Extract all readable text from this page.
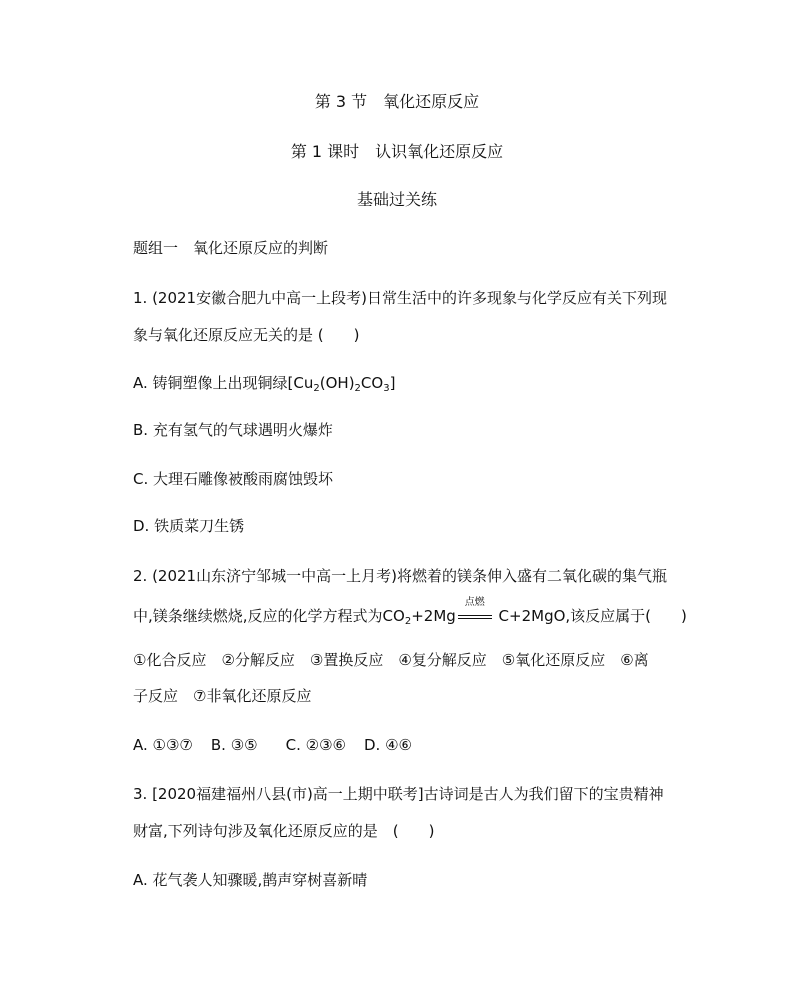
第 3 节　氧化还原反应
第 1 课时　认识氧化还原反应
基础过关练
题组一　氧化还原反应的判断
1. (2021安徽合肥九中高一上段考)日常生活中的许多现象与化学反应有关下列现
象与氧化还原反应无关的是 (　　)
A. 铸铜塑像上出现铜绿$[Cu_2(OH)_2CO_3]$
B. 充有氢气的气球遇明火爆炸
C. 大理石雕像被酸雨腐蚀毁坏
D. 铁质菜刀生锈
2. (2021山东济宁邹城一中高一上月考)将燃着的镁条伸入盛有二氧化碳的集气瓶
中,镁条继续燃烧,反应的化学方程式为$CO_2+2Mg$
点燃
C+2MgO,该反应属于(　　)
①化合反应　②分解反应　③置换反应　④复分解反应　⑤氧化还原反应　⑥离
子反应　⑦非氧化还原反应
A. ①③⑦ B. ③⑤ C. ②③⑥ D. ④⑥
3. [2020福建福州八县(市)高一上期中联考]古诗词是古人为我们留下的宝贵精神
财富,下列诗句涉及氧化还原反应的是　(　　)
A. 花气袭人知骤暖,鹊声穿树喜新晴
